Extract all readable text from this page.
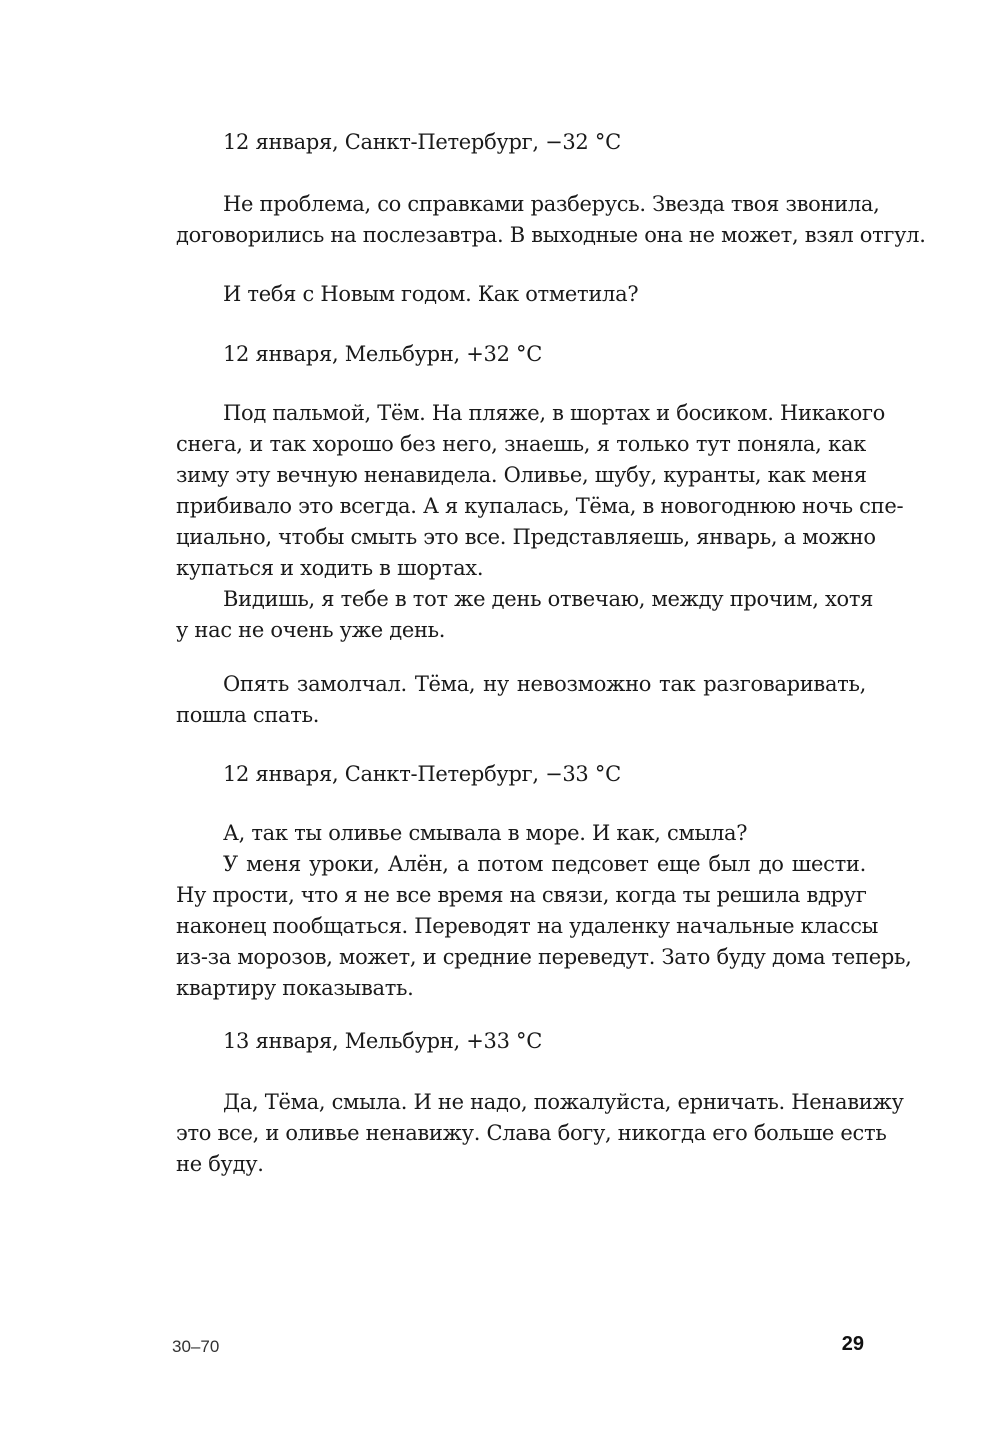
12 января, Санкт-Петербург, −32 °C
Не проблема, со справками разберусь. Звезда твоя звонила,
договорились на послезавтра. В выходные она не может, взял отгул.
И тебя с Новым годом. Как отметила?
12 января, Мельбурн, +32 °C
Под пальмой, Тём. На пляже, в шортах и босиком. Никакого
снега, и так хорошо без него, знаешь, я только тут поняла, как
зиму эту вечную ненавидела. Оливье, шубу, куранты, как меня
прибивало это всегда. А я купалась, Тёма, в новогоднюю ночь спе-
циально, чтобы смыть это все. Представляешь, январь, а можно
купаться и ходить в шортах.
Видишь, я тебе в тот же день отвечаю, между прочим, хотя
у нас не очень уже день.
Опять замолчал. Тёма, ну невозможно так разговаривать,
пошла спать.
12 января, Санкт-Петербург, −33 °C
А, так ты оливье смывала в море. И как, смыла?
У меня уроки, Алён, а потом педсовет еще был до шести.
Ну прости, что я не все время на связи, когда ты решила вдруг
наконец пообщаться. Переводят на удаленку начальные классы
из-за морозов, может, и средние переведут. Зато буду дома теперь,
квартиру показывать.
13 января, Мельбурн, +33 °C
Да, Тёма, смыла. И не надо, пожалуйста, ерничать. Ненавижу
это все, и оливье ненавижу. Слава богу, никогда его больше есть
не буду.
30–70	29
